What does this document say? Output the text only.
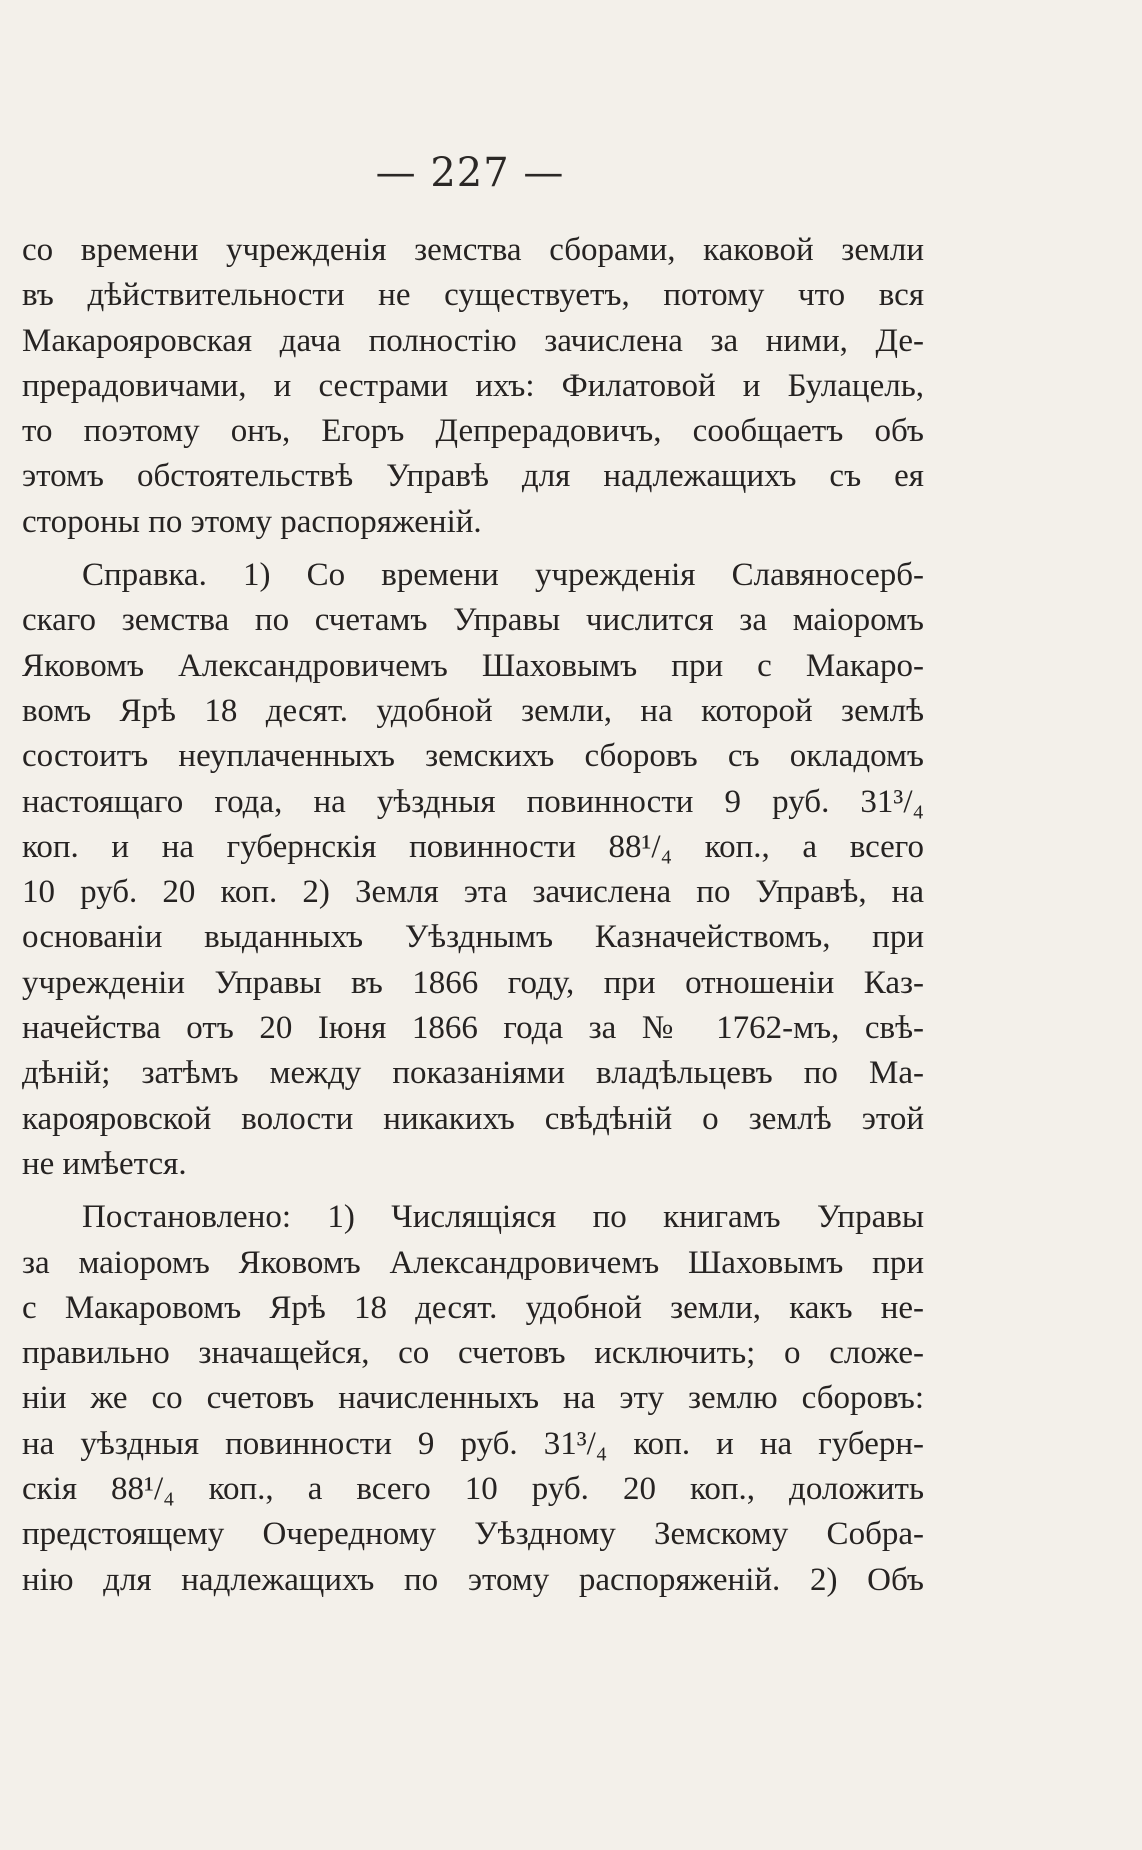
— 227 —

со времени учрежденія земства сборами, каковой земли
въ дѣйствительности не существуетъ, потому что вся
Макарояровская дача полностію зачислена за ними, Де-
прерадовичами, и сестрами ихъ: Филатовой и Булацель,
то поэтому онъ, Егоръ Депрерадовичъ, сообщаетъ объ
этомъ обстоятельствѣ Управѣ для надлежащихъ съ ея
стороны по этому распоряженій.

Справка. 1) Со времени учрежденія Славяносерб-
скаго земства по счетамъ Управы числится за маіоромъ
Яковомъ Александровичемъ Шаховымъ при с Макаро-
вомъ Ярѣ 18 десят. удобной земли, на которой землѣ
состоитъ неуплаченныхъ земскихъ сборовъ съ окладомъ
настоящаго года, на уѣздныя повинности 9 руб. 31³/₄
коп. и на губернскія повинности 88¹/₄ коп., а всего
10 руб. 20 коп. 2) Земля эта зачислена по Управѣ, на
основаніи выданныхъ Уѣзднымъ Казначействомъ, при
учрежденіи Управы въ 1866 году, при отношеніи Каз-
начейства отъ 20 Іюня 1866 года за № 1762-мъ, свѣ-
дѣній; затѣмъ между показаніями владѣльцевъ по Ма-
карояровской волости никакихъ свѣдѣній о землѣ этой
не имѣется.

Постановлено: 1) Числящіяся по книгамъ Управы
за маіоромъ Яковомъ Александровичемъ Шаховымъ при
с Макаровомъ Ярѣ 18 десят. удобной земли, какъ не-
правильно значащейся, со счетовъ исключить; о сложе-
ніи же со счетовъ начисленныхъ на эту землю сборовъ:
на уѣздныя повинности 9 руб. 31³/₄ коп. и на губерн-
скія 88¹/₄ коп., а всего 10 руб. 20 коп., доложить
предстоящему Очередному Уѣздному Земскому Собра-
нію для надлежащихъ по этому распоряженій. 2) Объ
